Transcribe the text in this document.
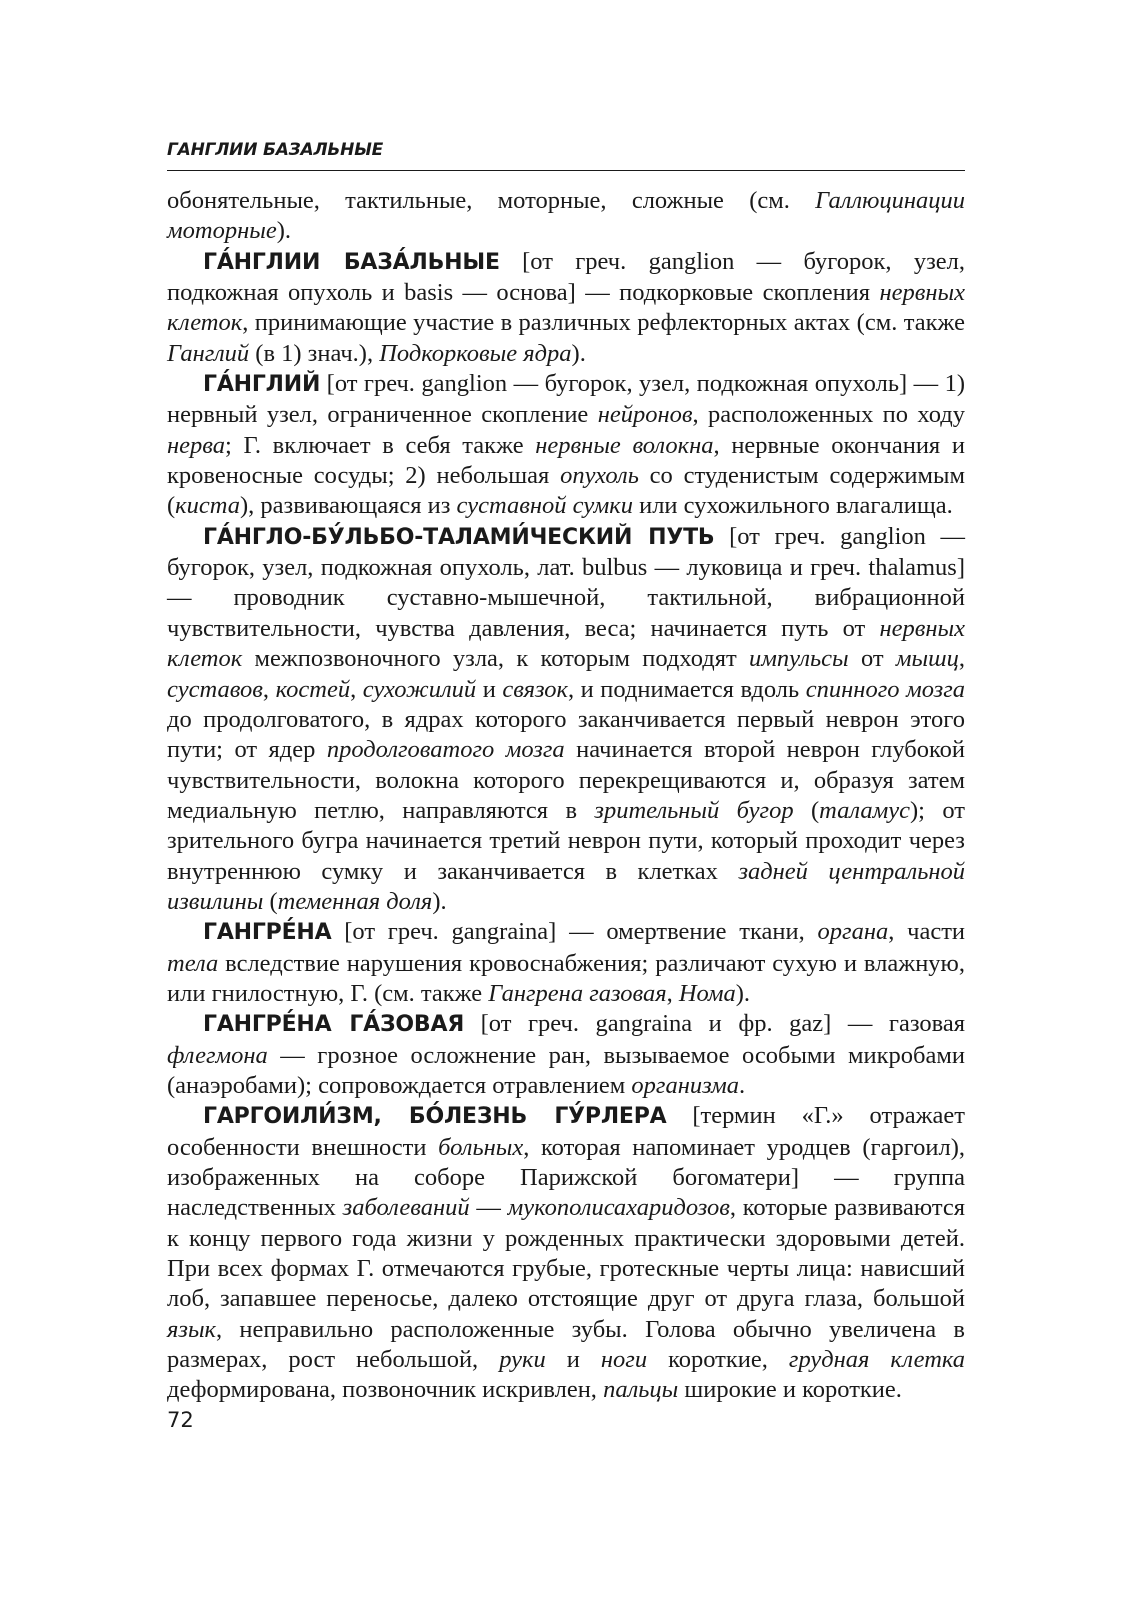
ГАНГЛИИ БАЗАЛЬНЫЕ

обонятельные, тактильные, моторные, сложные (см. Галлюцинации моторные).

ГА́НГЛИИ БАЗА́ЛЬНЫЕ [от греч. ganglion — бугорок, узел, подкожная опухоль и basis — основа] — подкорковые скопления нервных клеток, принимающие участие в различных рефлекторных актах (см. также Ганглий (в 1) знач.), Подкорковые ядра).

ГА́НГЛИЙ [от греч. ganglion — бугорок, узел, подкожная опухоль] — 1) нервный узел, ограниченное скопление нейронов, расположенных по ходу нерва; Г. включает в себя также нервные волокна, нервные окончания и кровеносные сосуды; 2) небольшая опухоль со студенистым содержимым (киста), развивающаяся из суставной сумки или сухожильного влагалища.

ГА́НГЛО-БУ́ЛЬБО-ТАЛАМИ́ЧЕСКИЙ ПУТЬ [от греч. ganglion — бугорок, узел, подкожная опухоль, лат. bulbus — луковица и греч. thalamus] — проводник суставно-мышечной, тактильной, вибрационной чувствительности, чувства давления, веса; начинается путь от нервных клеток межпозвоночного узла, к которым подходят импульсы от мышц, суставов, костей, сухожилий и связок, и поднимается вдоль спинного мозга до продолговатого, в ядрах которого заканчивается первый неврон этого пути; от ядер продолговатого мозга начинается второй неврон глубокой чувствительности, волокна которого перекрещиваются и, образуя затем медиальную петлю, направляются в зрительный бугор (таламус); от зрительного бугра начинается третий неврон пути, который проходит через внутреннюю сумку и заканчивается в клетках задней центральной извилины (теменная доля).

ГАНГРЕ́НА [от греч. gangraina] — омертвение ткани, органа, части тела вследствие нарушения кровоснабжения; различают сухую и влажную, или гнилостную, Г. (см. также Гангрена газовая, Нома).

ГАНГРЕ́НА ГА́ЗОВАЯ [от греч. gangraina и фр. gaz] — газовая флегмона — грозное осложнение ран, вызываемое особыми микробами (анаэробами); сопровождается отравлением организма.

ГАРГОИЛИ́ЗМ, БО́ЛЕЗНЬ ГУ́РЛЕРА [термин «Г.» отражает особенности внешности больных, которая напоминает уродцев (гаргоил), изображенных на соборе Парижской богоматери] — группа наследственных заболеваний — мукополисахаридозов, которые развиваются к концу первого года жизни у рожденных практически здоровыми детей. При всех формах Г. отмечаются грубые, гротескные черты лица: нависший лоб, запавшее переносье, далеко отстоящие друг от друга глаза, большой язык, неправильно расположенные зубы. Голова обычно увеличена в размерах, рост небольшой, руки и ноги короткие, грудная клетка деформирована, позвоночник искривлен, пальцы широкие и короткие.

72
